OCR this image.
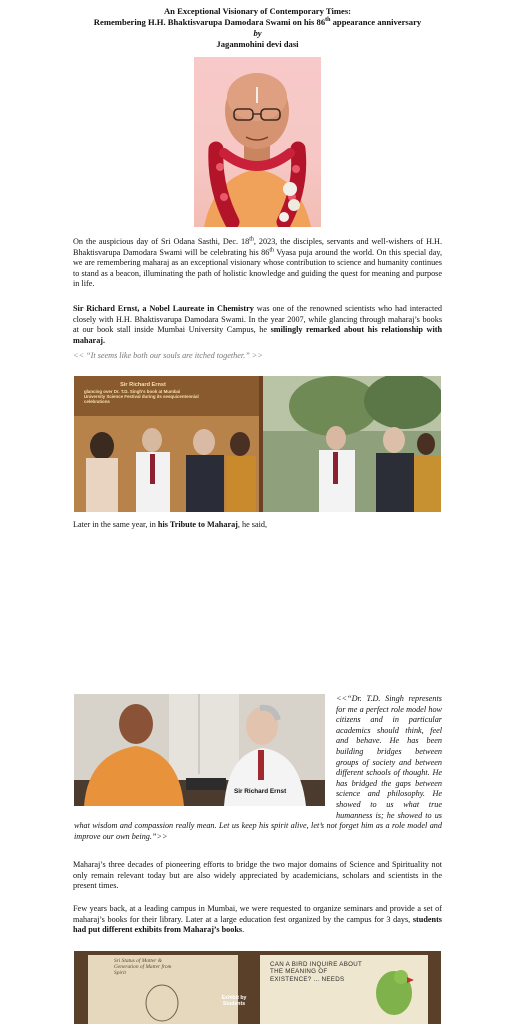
An Exceptional Visionary of Contemporary Times:
Remembering H.H. Bhaktisvarupa Damodara Swami on his 86th appearance anniversary
by
Jaganmohini devi dasi
On the auspicious day of Sri Odana Sasthi, Dec. 18th, 2023, the disciples, servants and well-wishers of H.H. Bhaktisvarupa Damodara Swami will be celebrating his 86th Vyasa puja around the world. On this special day, we are remembering maharaj as an exceptional visionary whose contribution to science and humanity continues to stand as a beacon, illuminating the path of holistic knowledge and guiding the quest for meaning and purpose in life.
Sir Richard Ernst, a Nobel Laureate in Chemistry was one of the renowned scientists who had interacted closely with H.H. Bhaktisvarupa Damodara Swami. In the year 2007, while glancing through maharaj’s books at our book stall inside Mumbai University Campus, he smilingly remarked about his relationship with maharaj.
<< “It seems like both our souls are itched together.” >>
Sir Richard Ernst
glancing over Dr. T.D. Singh's book at Mumbai University Science Festival during its sesquicentennial celebrations
Later in the same year, in his Tribute to Maharaj, he said,
Sir Richard Ernst
<<“Dr. T.D. Singh represents for me a perfect role model how citizens and in particular academics should think, feel and behave. He has been building bridges between groups of society and between different schools of thought. He has bridged the gaps between science and philosophy. He showed to us what true humanness is; he showed to us what wisdom and compassion really mean. Let us keep his spirit alive, let’s not forget him as a role model and improve our own being.”>>
Maharaj’s three decades of pioneering efforts to bridge the two major domains of Science and Spirituality not only remain relevant today but are also widely appreciated by academicians, scholars and scientists in the present times.
Few years back, at a leading campus in Mumbai, we were requested to organize seminars and provide a set of maharaj’s books for their library. Later at a large education fest organized by the campus for 3 days, students had put different exhibits from Maharaj’s books.
Sri Status of Matter & Generation of Matter from Spirit
Exhibit by Students
CAN A BIRD INQUIRE ABOUT THE MEANING OF EXISTENCE? ... NEEDS
